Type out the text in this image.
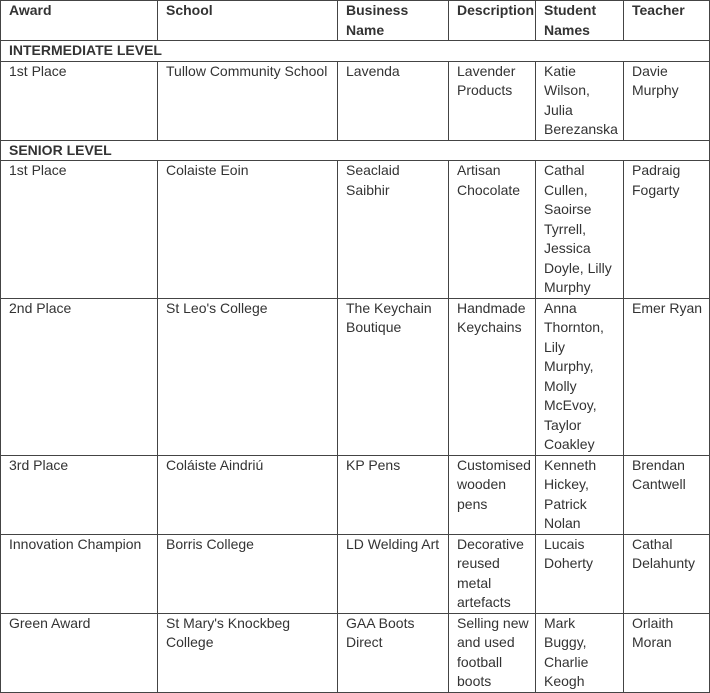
Award	School	Business Name	Description	Student Names	Teacher
INTERMEDIATE LEVEL					
1st Place	Tullow Community School	Lavenda	Lavender Products	Katie Wilson, Julia Berezanska	Davie Murphy
SENIOR LEVEL					
1st Place	Colaiste Eoin	Seaclaid Saibhir	Artisan Chocolate	Cathal Cullen, Saoirse Tyrrell, Jessica Doyle, Lilly Murphy	Padraig Fogarty
2nd Place	St Leo's College	The Keychain Boutique	Handmade Keychains	Anna Thornton, Lily Murphy, Molly McEvoy, Taylor Coakley	Emer Ryan
3rd Place	Coláiste Aindriú	KP Pens	Customised wooden pens	Kenneth Hickey, Patrick Nolan	Brendan Cantwell
Innovation Champion	Borris College	LD Welding Art	Decorative reused metal artefacts	Lucais Doherty	Cathal Delahunty
Green Award	St Mary's Knockbeg College	GAA Boots Direct	Selling new and used football boots	Mark Buggy, Charlie Keogh	Orlaith Moran
